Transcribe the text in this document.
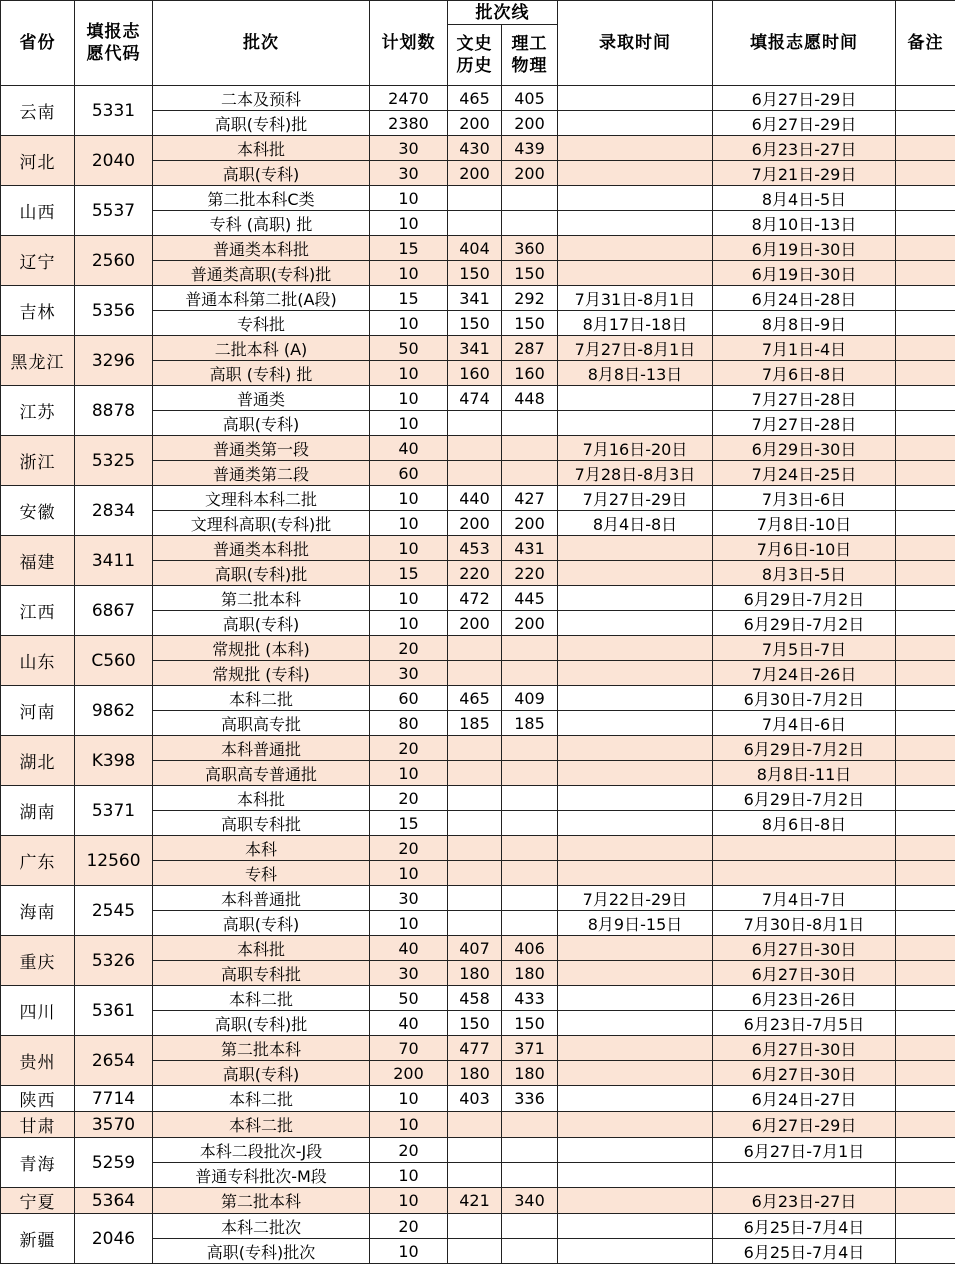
省份	填报志愿代码	批次	计划数	批次线		录取时间	填报志愿时间	备注
				文史历史	理工物理			
云南	5331	二本及预科	2470	465	405		6月27日-29日	
		高职(专科)批	2380	200	200		6月27日-29日	
河北	2040	本科批	30	430	439		6月23日-27日	
		高职(专科)	30	200	200		7月21日-29日	
山西	5537	第二批本科C类	10				8月4日-5日	
		专科 (高职) 批	10				8月10日-13日	
辽宁	2560	普通类本科批	15	404	360		6月19日-30日	
		普通类高职(专科)批	10	150	150		6月19日-30日	
吉林	5356	普通本科第二批(A段)	15	341	292	7月31日-8月1日	6月24日-28日	
		专科批	10	150	150	8月17日-18日	8月8日-9日	
黑龙江	3296	二批本科 (A)	50	341	287	7月27日-8月1日	7月1日-4日	
		高职 (专科) 批	10	160	160	8月8日-13日	7月6日-8日	
江苏	8878	普通类	10	474	448		7月27日-28日	
		高职(专科)	10				7月27日-28日	
浙江	5325	普通类第一段	40			7月16日-20日	6月29日-30日	
		普通类第二段	60			7月28日-8月3日	7月24日-25日	
安徽	2834	文理科本科二批	10	440	427	7月27日-29日	7月3日-6日	
		文理科高职(专科)批	10	200	200	8月4日-8日	7月8日-10日	
福建	3411	普通类本科批	10	453	431		7月6日-10日	
		高职(专科)批	15	220	220		8月3日-5日	
江西	6867	第二批本科	10	472	445		6月29日-7月2日	
		高职(专科)	10	200	200		6月29日-7月2日	
山东	C560	常规批 (本科)	20				7月5日-7日	
		常规批 (专科)	30				7月24日-26日	
河南	9862	本科二批	60	465	409		6月30日-7月2日	
		高职高专批	80	185	185		7月4日-6日	
湖北	K398	本科普通批	20				6月29日-7月2日	
		高职高专普通批	10				8月8日-11日	
湖南	5371	本科批	20				6月29日-7月2日	
		高职专科批	15				8月6日-8日	
广东	12560	本科	20					
		专科	10					
海南	2545	本科普通批	30			7月22日-29日	7月4日-7日	
		高职(专科)	10			8月9日-15日	7月30日-8月1日	
重庆	5326	本科批	40	407	406		6月27日-30日	
		高职专科批	30	180	180		6月27日-30日	
四川	5361	本科二批	50	458	433		6月23日-26日	
		高职(专科)批	40	150	150		6月23日-7月5日	
贵州	2654	第二批本科	70	477	371		6月27日-30日	
		高职(专科)	200	180	180		6月27日-30日	
陕西	7714	本科二批	10	403	336		6月24日-27日	
甘肃	3570	本科二批	10				6月27日-29日	
青海	5259	本科二段批次-J段	20				6月27日-7月1日	
		普通专科批次-M段	10					
宁夏	5364	第二批本科	10	421	340		6月23日-27日	
新疆	2046	本科二批次	20				6月25日-7月4日	
		高职(专科)批次	10				6月25日-7月4日	
